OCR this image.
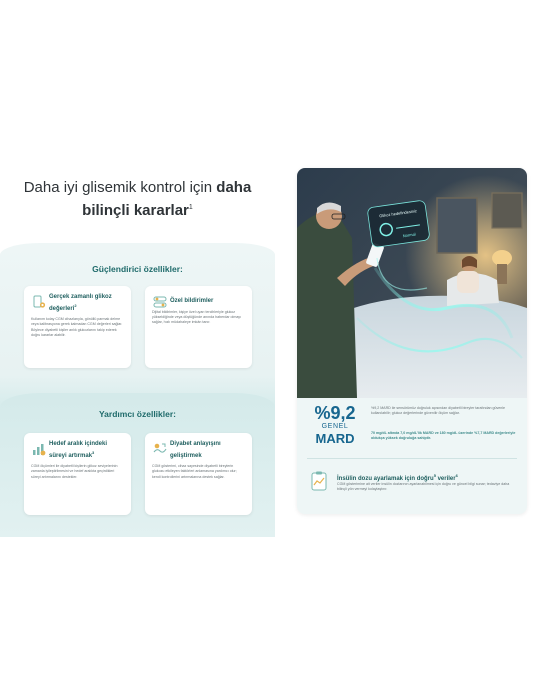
Daha iyi glisemik kontrol için daha
bilinçli kararlar$^1$
Güçlendirici özellikler:
Yardımcı özellikler:
Gerçek zamanlı glikoz değerleri$^2$
Kullanım kolay CGM cihazlarıyla, gönüllü parmak delme veya kalibrasyona gerek kalmadan CGM değerleri sağlar. Böylece diyabetli kişiler anlık glukozlarını takip ederek doğru kararlar alabilir.
Özel bildirimler
Dijital bildirimler, kişiye özel uyarı tercihleriyle glukoz yükseldiğinde veya düştüğünde anında haberdar olmayı sağlar, hızlı müdahaleye imkân tanır.
Hedef aralık içindeki süreyi artırmak$^3$
CGM ölçümleri ile diyabetli kişilerin glikoz seviyelerinin zamanla iyileştirilmesini ve hedef aralıkta geçirdikleri süreyi artırmalarını destekler.
Diyabet anlayışını geliştirmek
CGM gösterimi, cihaz sayesinde diyabetli bireylerin glukozu etkileyen faktörleri anlamasına yardımcı olur; kendi kontrollerini artırmalarına destek sağlar.
Glikoz hedefindesiniz
Normal
%9,2
GENEL
MARD
%9,2 MARD ile sensörümüz doğruluk açısından diyabetli bireyler tarafından güvenle kullanılabilir; glukoz değerlerinde güvenilir ölçüm sağlar.
70 mg/dL altında 7,0 mg/dL'lik MARD ve 180 mg/dL üzerinde %7,7 MARD değerleriyle oldukça yüksek doğruluğa sahiptir.
İnsülin dozu ayarlamak için doğru$^5$ veriler$^6$
CGM gösterimine ait veriler insülin dozlarının ayarlanabilmesi için doğru ve güncel bilgi sunar; tedaviye daha bilinçli yön vermeyi kolaylaştırır.
